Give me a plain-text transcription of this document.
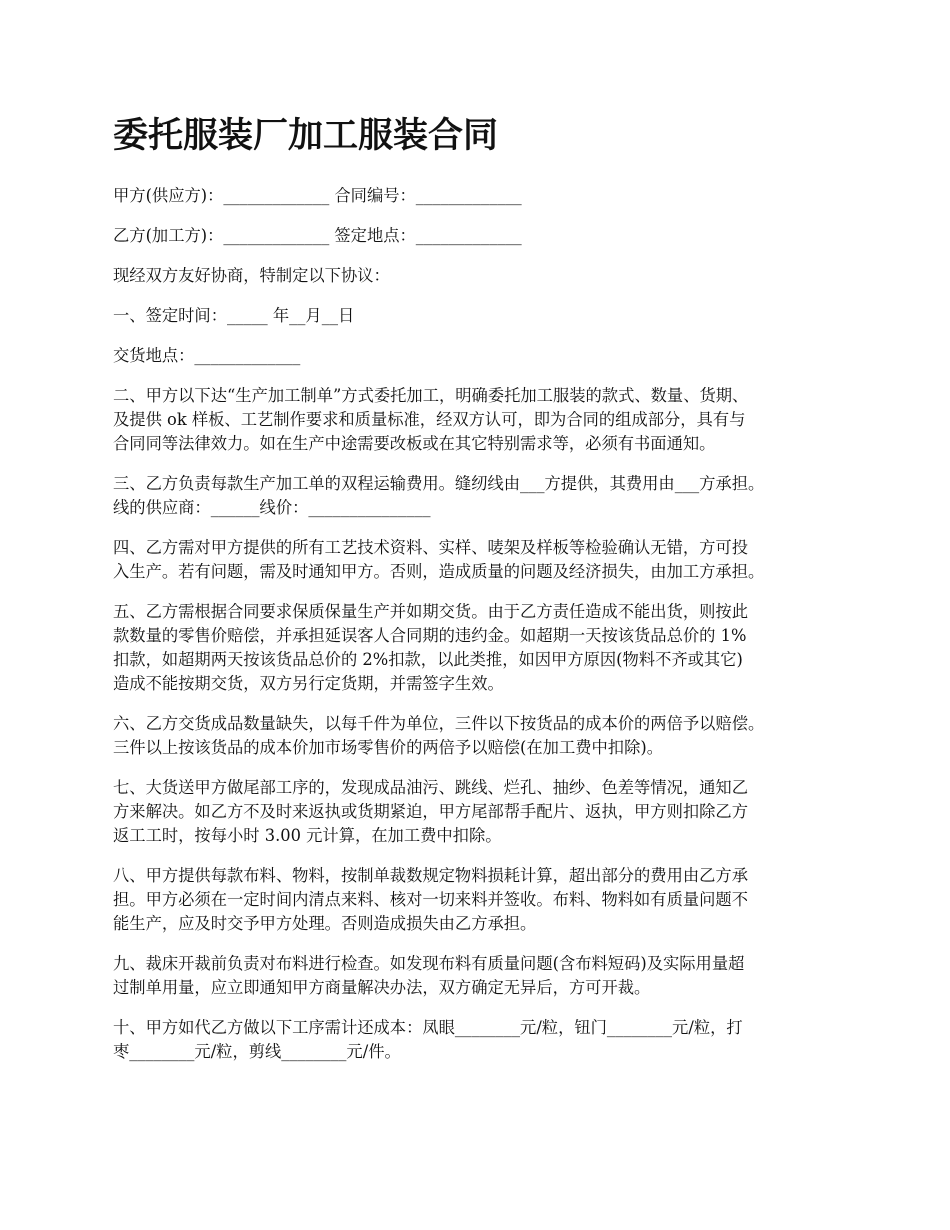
委托服装厂加工服装合同
甲方(供应方)：_____________ 合同编号：_____________
乙方(加工方)：_____________ 签定地点：_____________
现经双方友好协商，特制定以下协议：
一、签定时间：_____ 年__月__日
交货地点：_____________
二、甲方以下达“生产加工制单”方式委托加工，明确委托加工服装的款式、数量、货期、
及提供 ok 样板、工艺制作要求和质量标准，经双方认可，即为合同的组成部分，具有与
合同同等法律效力。如在生产中途需要改板或在其它特别需求等，必须有书面通知。
三、乙方负责每款生产加工单的双程运输费用。缝纫线由___方提供，其费用由___方承担。
线的供应商：______线价：_______________
四、乙方需对甲方提供的所有工艺技术资料、实样、唛架及样板等检验确认无错，方可投
入生产。若有问题，需及时通知甲方。否则，造成质量的问题及经济损失，由加工方承担。
五、乙方需根据合同要求保质保量生产并如期交货。由于乙方责任造成不能出货，则按此
款数量的零售价赔偿，并承担延误客人合同期的违约金。如超期一天按该货品总价的 1%
扣款，如超期两天按该货品总价的 2%扣款，以此类推，如因甲方原因(物料不齐或其它)
造成不能按期交货，双方另行定货期，并需签字生效。
六、乙方交货成品数量缺失，以每千件为单位，三件以下按货品的成本价的两倍予以赔偿。
三件以上按该货品的成本价加市场零售价的两倍予以赔偿(在加工费中扣除)。
七、大货送甲方做尾部工序的，发现成品油污、跳线、烂孔、抽纱、色差等情况，通知乙
方来解决。如乙方不及时来返执或货期紧迫，甲方尾部帮手配片、返执，甲方则扣除乙方
返工工时，按每小时 3.00 元计算，在加工费中扣除。
八、甲方提供每款布料、物料，按制单裁数规定物料损耗计算，超出部分的费用由乙方承
担。甲方必须在一定时间内清点来料、核对一切来料并签收。布料、物料如有质量问题不
能生产，应及时交予甲方处理。否则造成损失由乙方承担。
九、裁床开裁前负责对布料进行检查。如发现布料有质量问题(含布料短码)及实际用量超
过制单用量，应立即通知甲方商量解决办法，双方确定无异后，方可开裁。
十、甲方如代乙方做以下工序需计还成本：凤眼________元/粒，钮门________元/粒，打
枣________元/粒，剪线________元/件。
